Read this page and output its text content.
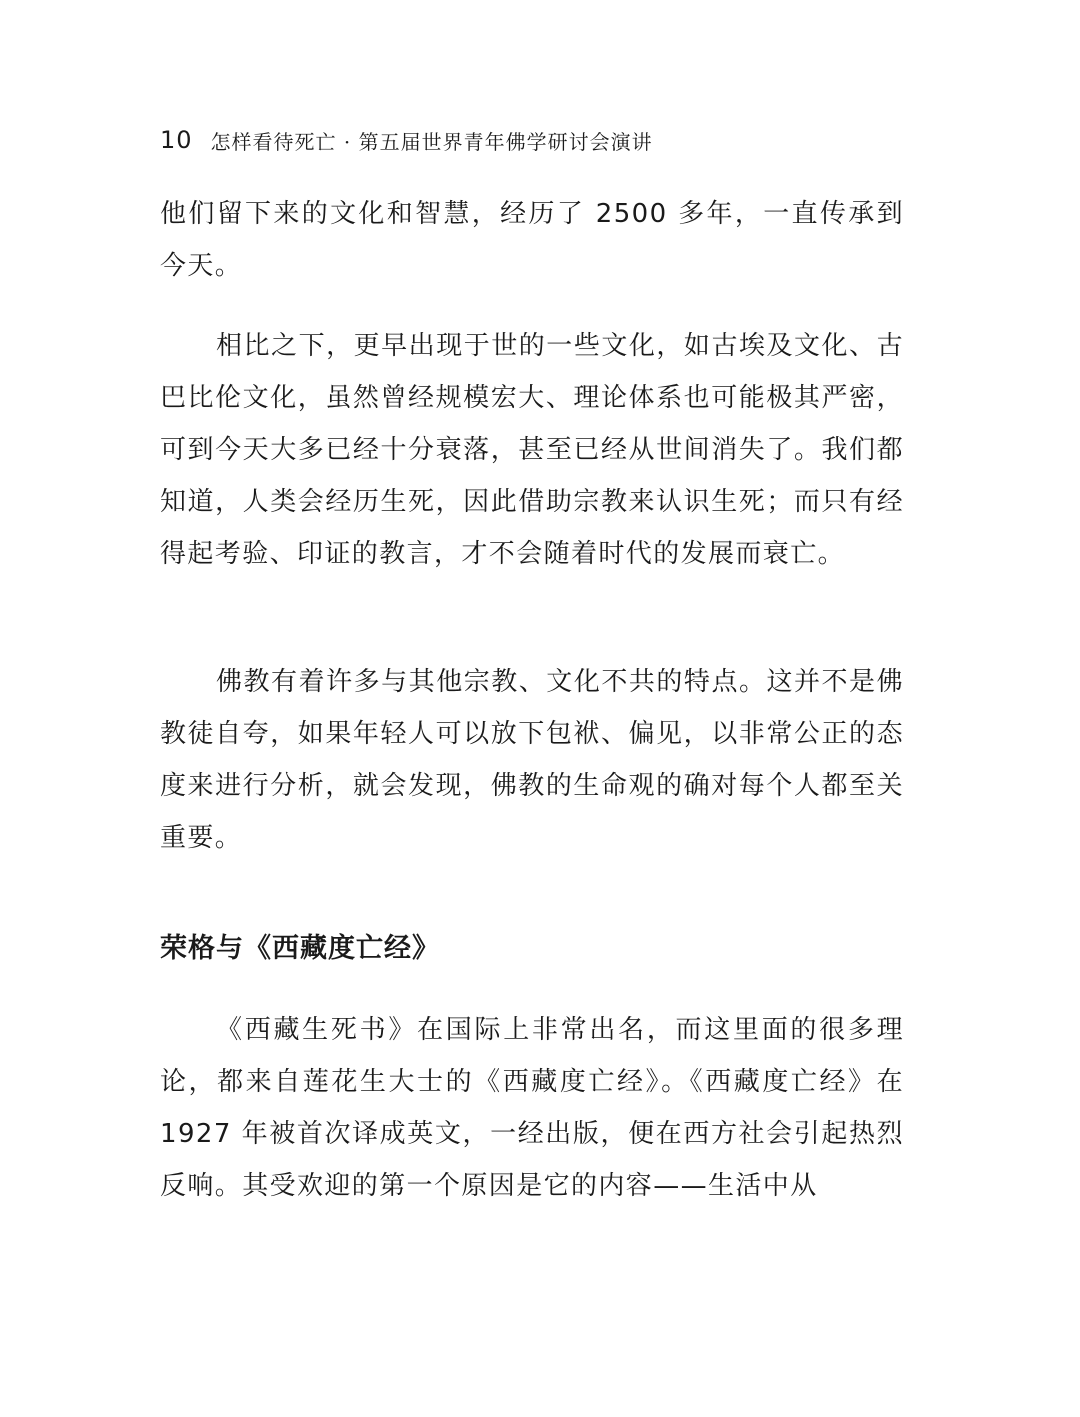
10 怎样看待死亡 · 第五届世界青年佛学研讨会演讲

他们留下来的文化和智慧，经历了 2500 多年，一直传承到今天。

相比之下，更早出现于世的一些文化，如古埃及文化、古巴比伦文化，虽然曾经规模宏大、理论体系也可能极其严密，可到今天大多已经十分衰落，甚至已经从世间消失了。我们都知道，人类会经历生死，因此借助宗教来认识生死；而只有经得起考验、印证的教言，才不会随着时代的发展而衰亡。

佛教有着许多与其他宗教、文化不共的特点。这并不是佛教徒自夸，如果年轻人可以放下包袱、偏见，以非常公正的态度来进行分析，就会发现，佛教的生命观的确对每个人都至关重要。

荣格与《西藏度亡经》

《西藏生死书》在国际上非常出名，而这里面的很多理论，都来自莲花生大士的《西藏度亡经》。《西藏度亡经》在 1927 年被首次译成英文，一经出版，便在西方社会引起热烈反响。其受欢迎的第一个原因是它的内容——生活中从
